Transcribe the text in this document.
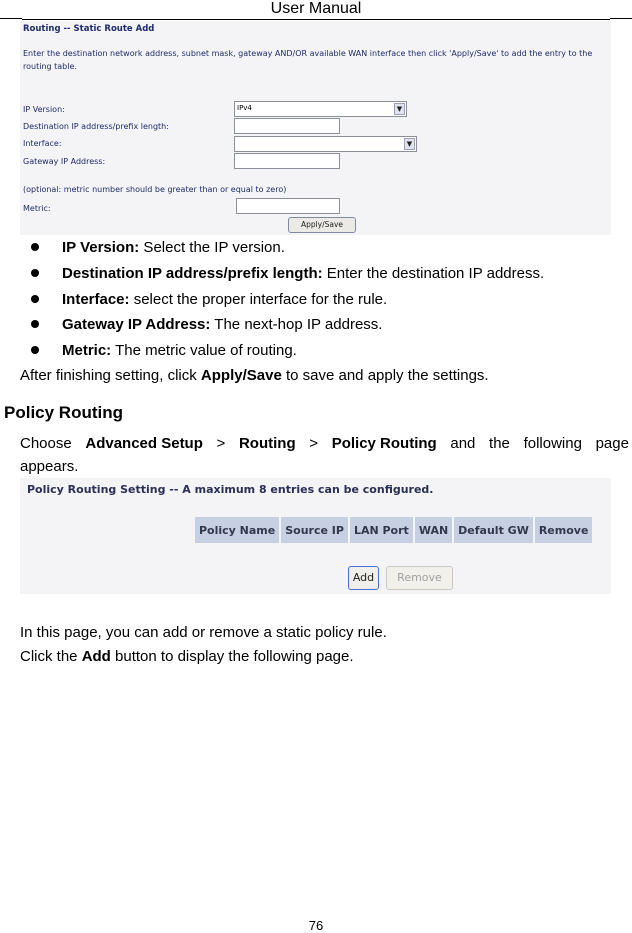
User Manual
Routing -- Static Route Add
Enter the destination network address, subnet mask, gateway AND/OR available WAN interface then click 'Apply/Save' to add the entry to the
routing table.
IP Version:	IPv4	▼
Destination IP address/prefix length:
Interface:	▼
Gateway IP Address:
(optional: metric number should be greater than or equal to zero)
Metric:
Apply/Save
IP Version: Select the IP version.
Destination IP address/prefix length: Enter the destination IP address.
Interface: select the proper interface for the rule.
Gateway IP Address: The next-hop IP address.
Metric: The metric value of routing.
After finishing setting, click Apply/Save to save and apply the settings.
Policy Routing
Choose Advanced Setup > Routing > Policy Routing and the following page
appears.
Policy Routing Setting -- A maximum 8 entries can be configured.
Policy Name	Source IP	LAN Port	WAN	Default GW	Remove
Add	Remove
In this page, you can add or remove a static policy rule.
Click the Add button to display the following page.
76
